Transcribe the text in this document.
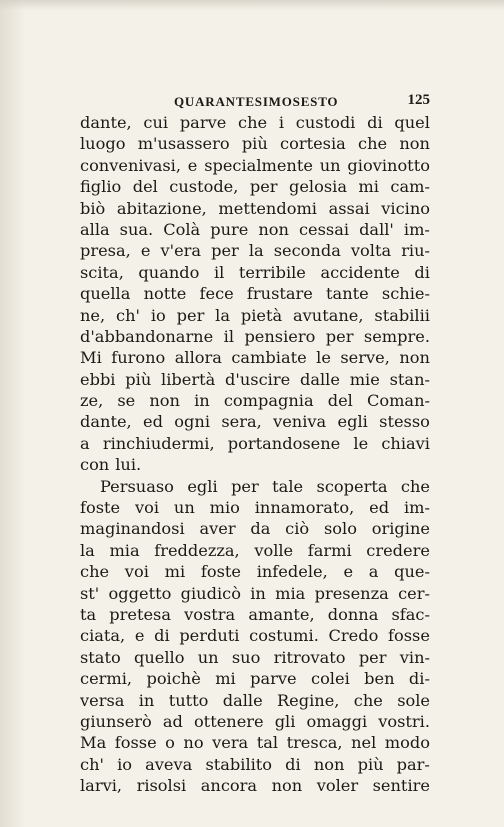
QUARANTESIMOSESTO	125
dante, cui parve che i custodi di quel
luogo m'usassero più cortesia che non
convenivasi, e specialmente un giovinotto
figlio del custode, per gelosia mi cam-
biò abitazione, mettendomi assai vicino
alla sua. Colà pure non cessai dall' im-
presa, e v'era per la seconda volta riu-
scita, quando il terribile accidente di
quella notte fece frustare tante schie-
ne, ch' io per la pietà avutane, stabilii
d'abbandonarne il pensiero per sempre.
Mi furono allora cambiate le serve, non
ebbi più libertà d'uscire dalle mie stan-
ze, se non in compagnia del Coman-
dante, ed ogni sera, veniva egli stesso
a rinchiudermi, portandosene le chiavi
con lui.
Persuaso egli per tale scoperta che
foste voi un mio innamorato, ed im-
maginandosi aver da ciò solo origine
la mia freddezza, volle farmi credere
che voi mi foste infedele, e a que-
st' oggetto giudicò in mia presenza cer-
ta pretesa vostra amante, donna sfac-
ciata, e di perduti costumi. Credo fosse
stato quello un suo ritrovato per vin-
cermi, poichè mi parve colei ben di-
versa in tutto dalle Regine, che sole
giunserò ad ottenere gli omaggi vostri.
Ma fosse o no vera tal tresca, nel modo
ch' io aveva stabilito di non più par-
larvi, risolsi ancora non voler sentire
